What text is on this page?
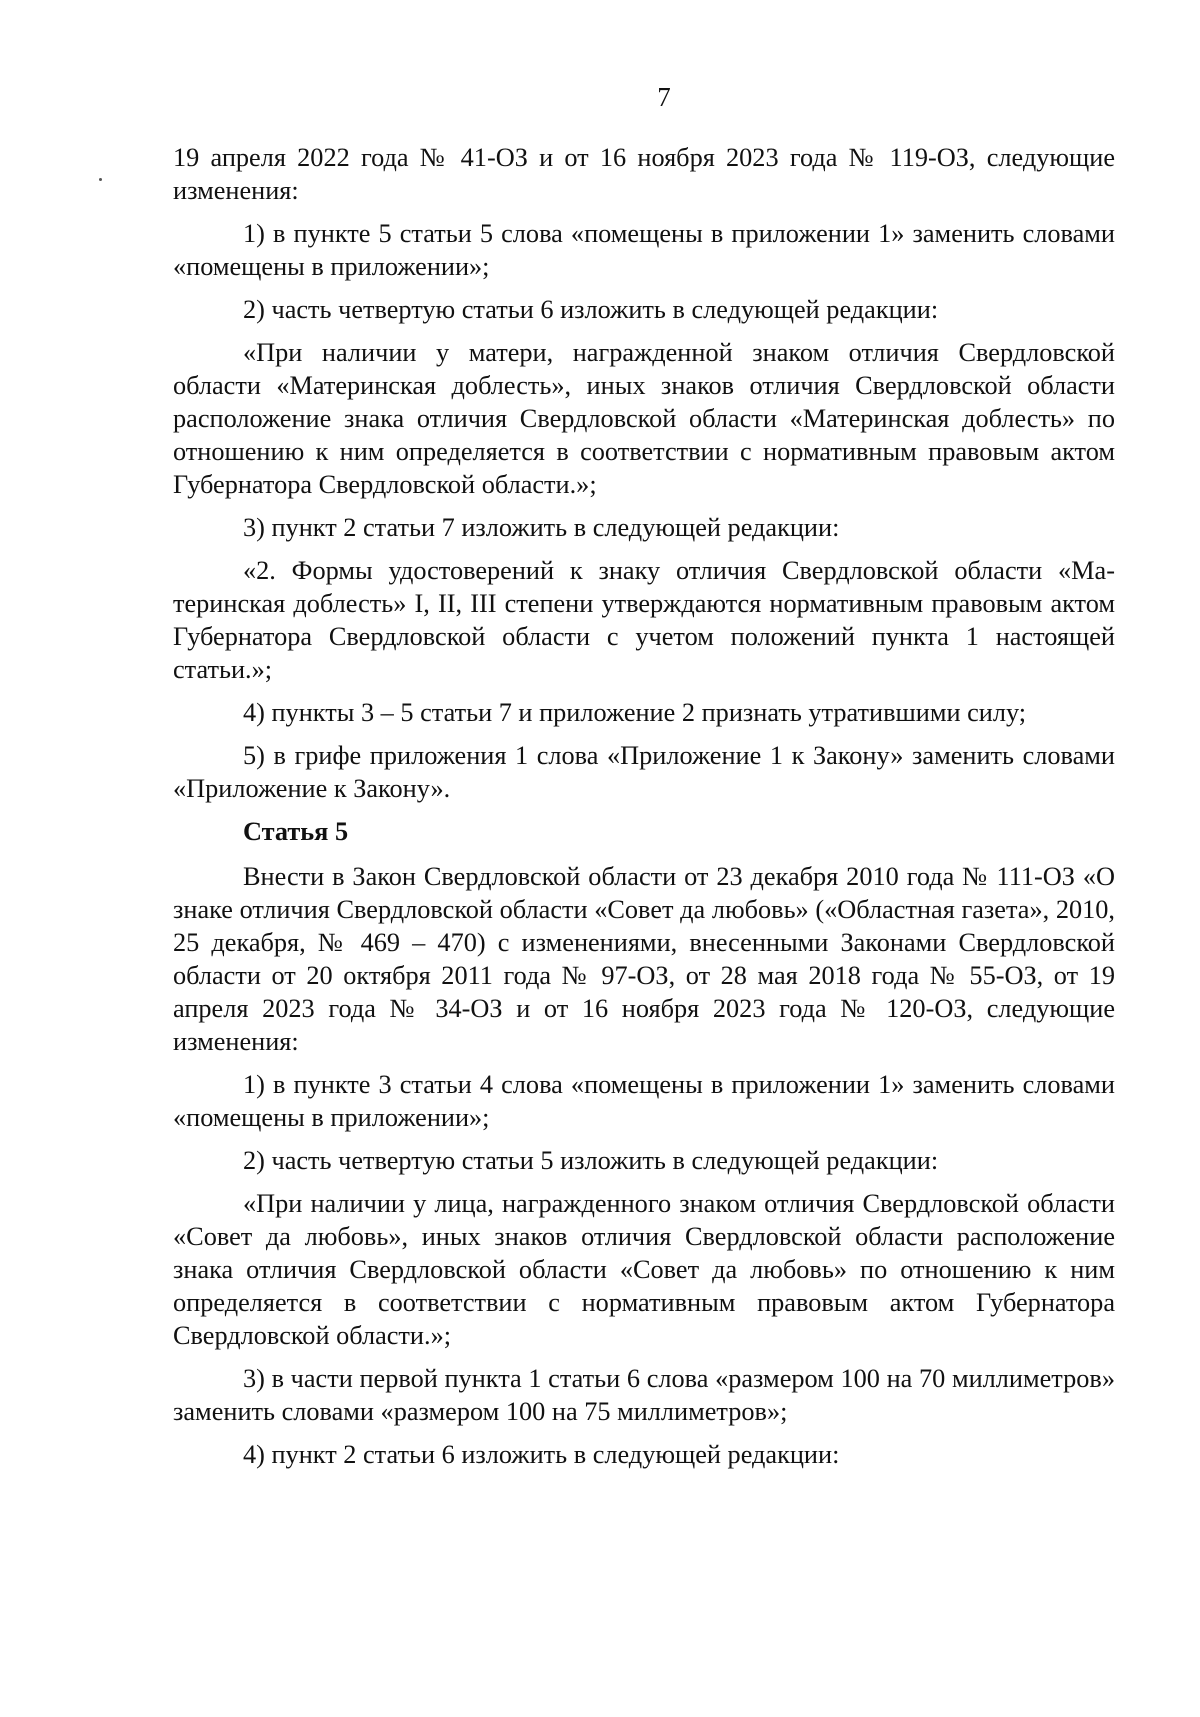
7

19 апреля 2022 года № 41-ОЗ и от 16 ноября 2023 года № 119-ОЗ, следующие изменения:

1) в пункте 5 статьи 5 слова «помещены в приложении 1» заменить словами «помещены в приложении»;

2) часть четвертую статьи 6 изложить в следующей редакции:

«При наличии у матери, награжденной знаком отличия Свердловской области «Материнская доблесть», иных знаков отличия Свердловской области расположение знака отличия Свердловской области «Материнская доблесть» по отношению к ним определяется в соответствии с нормативным правовым актом Губернатора Свердловской области.»;

3) пункт 2 статьи 7 изложить в следующей редакции:

«2. Формы удостоверений к знаку отличия Свердловской области «Материнская доблесть» I, II, III степени утверждаются нормативным правовым актом Губернатора Свердловской области с учетом положений пункта 1 настоящей статьи.»;

4) пункты 3 – 5 статьи 7 и приложение 2 признать утратившими силу;

5) в грифе приложения 1 слова «Приложение 1 к Закону» заменить словами «Приложение к Закону».

Статья 5

Внести в Закон Свердловской области от 23 декабря 2010 года № 111-ОЗ «О знаке отличия Свердловской области «Совет да любовь» («Областная газета», 2010, 25 декабря, № 469 – 470) с изменениями, внесенными Законами Свердловской области от 20 октября 2011 года № 97-ОЗ, от 28 мая 2018 года № 55-ОЗ, от 19 апреля 2023 года № 34-ОЗ и от 16 ноября 2023 года № 120-ОЗ, следующие изменения:

1) в пункте 3 статьи 4 слова «помещены в приложении 1» заменить словами «помещены в приложении»;

2) часть четвертую статьи 5 изложить в следующей редакции:

«При наличии у лица, награжденного знаком отличия Свердловской области «Совет да любовь», иных знаков отличия Свердловской области расположение знака отличия Свердловской области «Совет да любовь» по отношению к ним определяется в соответствии с нормативным правовым актом Губернатора Свердловской области.»;

3) в части первой пункта 1 статьи 6 слова «размером 100 на 70 миллиметров» заменить словами «размером 100 на 75 миллиметров»;

4) пункт 2 статьи 6 изложить в следующей редакции:
